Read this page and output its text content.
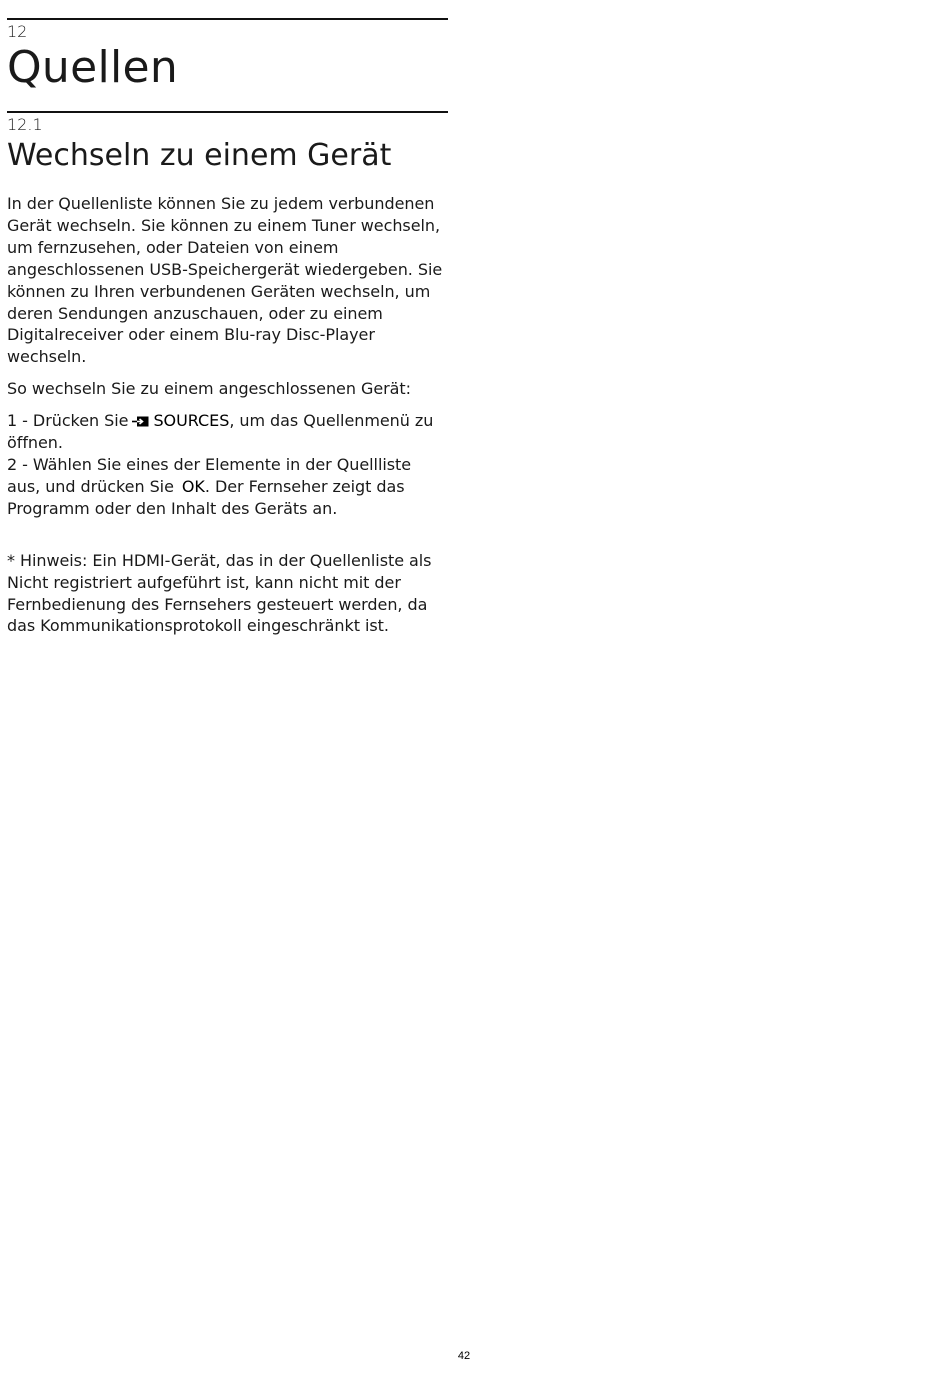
12
Quellen
12.1
Wechseln zu einem Gerät

In der Quellenliste können Sie zu jedem verbundenen Gerät wechseln. Sie können zu einem Tuner wechseln, um fernzusehen, oder Dateien von einem angeschlossenen USB-Speichergerät wiedergeben. Sie können zu Ihren verbundenen Geräten wechseln, um deren Sendungen anzuschauen, oder zu einem Digitalreceiver oder einem Blu-ray Disc-Player wechseln.

So wechseln Sie zu einem angeschlossenen Gerät:

1 - Drücken Sie SOURCES, um das Quellenmenü zu öffnen.

2 - Wählen Sie eines der Elemente in der Quellliste aus, und drücken Sie OK. Der Fernseher zeigt das Programm oder den Inhalt des Geräts an.

* Hinweis: Ein HDMI-Gerät, das in der Quellenliste als Nicht registriert aufgeführt ist, kann nicht mit der Fernbedienung des Fernsehers gesteuert werden, da das Kommunikationsprotokoll eingeschränkt ist.

42
